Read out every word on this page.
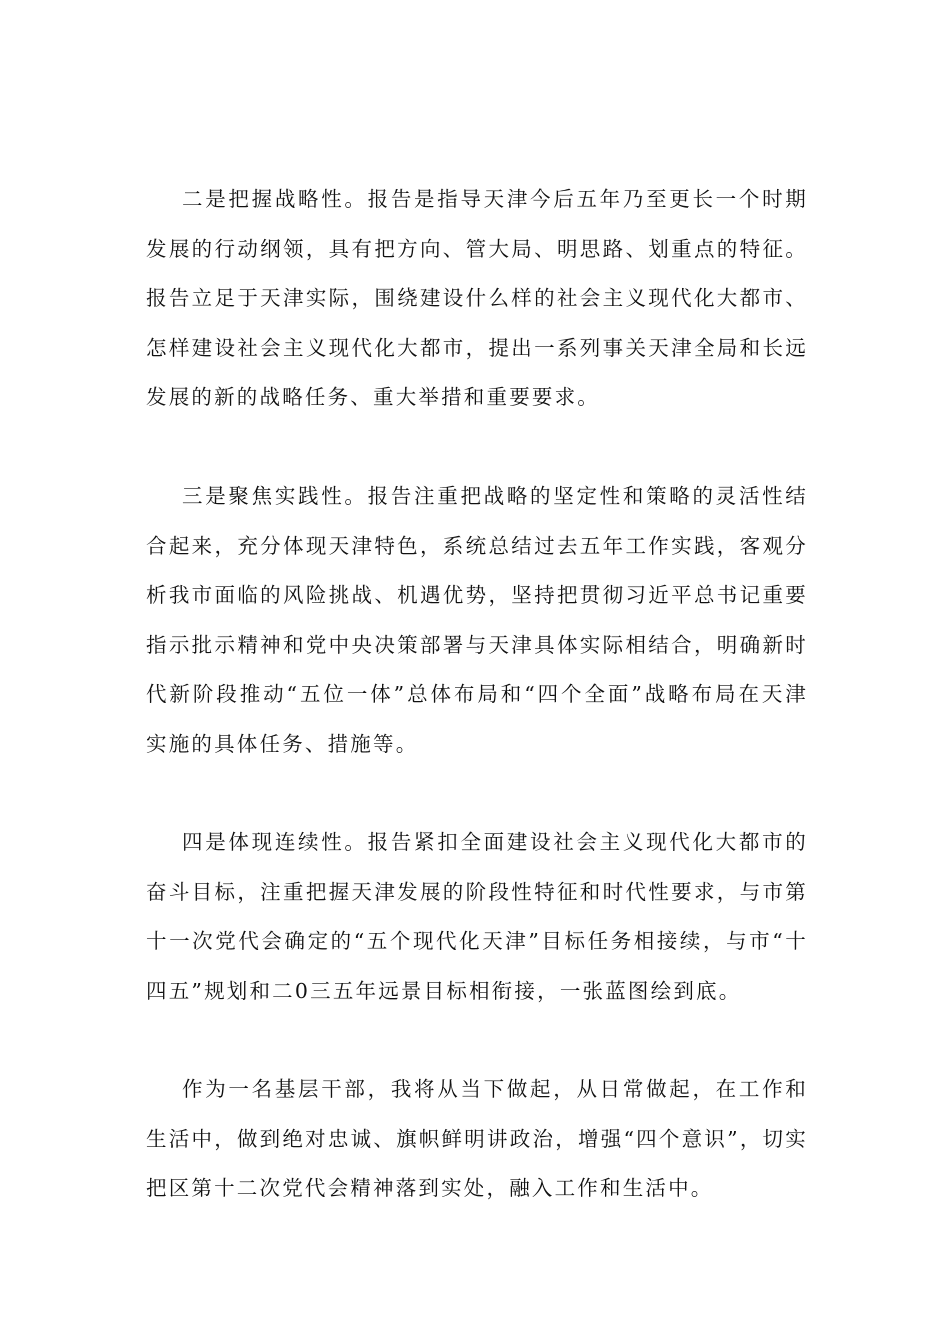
二是把握战略性。报告是指导天津今后五年乃至更长一个时期发展的行动纲领，具有把方向、管大局、明思路、划重点的特征。报告立足于天津实际，围绕建设什么样的社会主义现代化大都市、怎样建设社会主义现代化大都市，提出一系列事关天津全局和长远发展的新的战略任务、重大举措和重要要求。

三是聚焦实践性。报告注重把战略的坚定性和策略的灵活性结合起来，充分体现天津特色，系统总结过去五年工作实践，客观分析我市面临的风险挑战、机遇优势，坚持把贯彻习近平总书记重要指示批示精神和党中央决策部署与天津具体实际相结合，明确新时代新阶段推动“五位一体”总体布局和“四个全面”战略布局在天津实施的具体任务、措施等。

四是体现连续性。报告紧扣全面建设社会主义现代化大都市的奋斗目标，注重把握天津发展的阶段性特征和时代性要求，与市第十一次党代会确定的“五个现代化天津”目标任务相接续，与市“十四五”规划和二0三五年远景目标相衔接，一张蓝图绘到底。

作为一名基层干部，我将从当下做起，从日常做起，在工作和生活中，做到绝对忠诚、旗帜鲜明讲政治，增强“四个意识”，切实把区第十二次党代会精神落到实处，融入工作和生活中。
